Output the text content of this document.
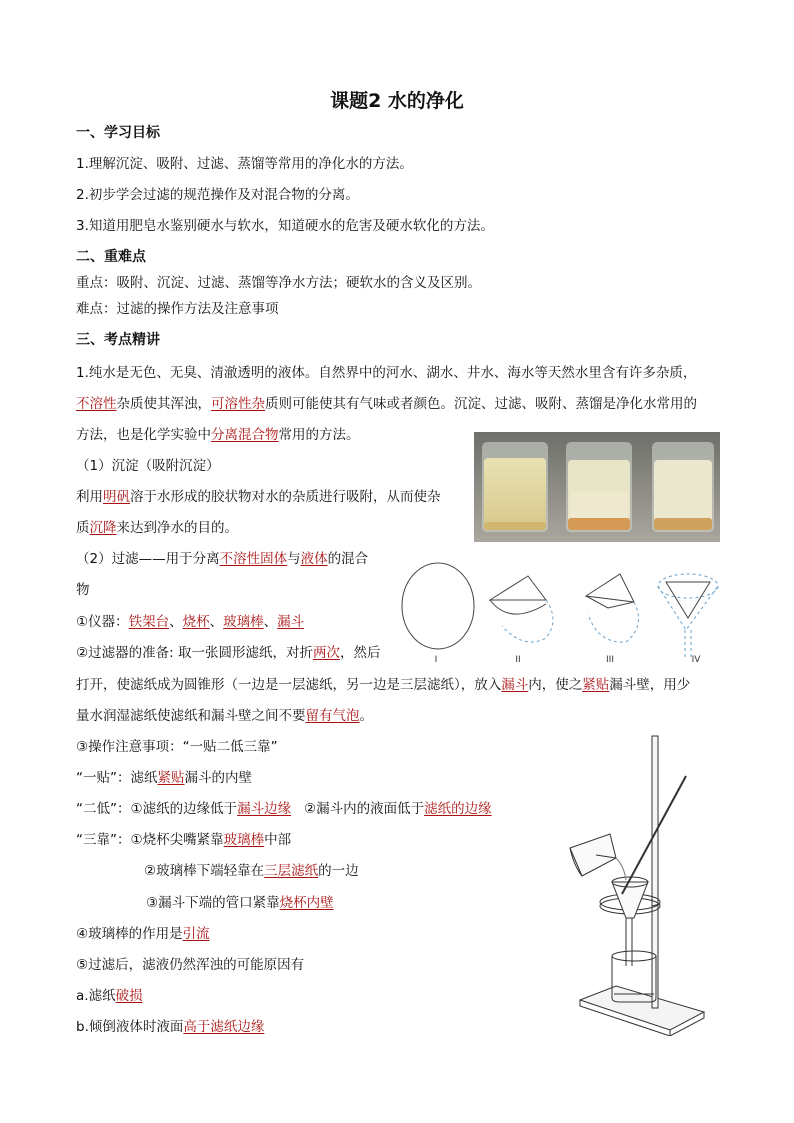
课题2 水的净化
一、学习目标
1.理解沉淀、吸附、过滤、蒸馏等常用的净化水的方法。
2.初步学会过滤的规范操作及对混合物的分离。
3.知道用肥皂水鉴别硬水与软水，知道硬水的危害及硬水软化的方法。
二、重难点
重点：吸附、沉淀、过滤、蒸馏等净水方法；硬软水的含义及区别。
难点：过滤的操作方法及注意事项
三、考点精讲
1.纯水是无色、无臭、清澈透明的液体。自然界中的河水、湖水、井水、海水等天然水里含有许多杂质，
不溶性杂质使其浑浊，可溶性杂质则可能使其有气味或者颜色。沉淀、过滤、吸附、蒸馏是净化水常用的
方法，也是化学实验中分离混合物常用的方法。
（1）沉淀（吸附沉淀）
利用明矾溶于水形成的胶状物对水的杂质进行吸附，从而使杂
质沉降来达到净水的目的。
（2）过滤——用于分离不溶性固体与液体的混合
物
①仪器：铁架台、烧杯、玻璃棒、漏斗
②过滤器的准备: 取一张圆形滤纸，对折两次，然后
打开，使滤纸成为圆锥形（一边是一层滤纸，另一边是三层滤纸），放入漏斗内，使之紧贴漏斗壁，用少
量水润湿滤纸使滤纸和漏斗壁之间不要留有气泡。
③操作注意事项：“一贴二低三靠”
“一贴”：滤纸紧贴漏斗的内壁
“二低”：①滤纸的边缘低于漏斗边缘   ②漏斗内的液面低于滤纸的边缘
“三靠”：①烧杯尖嘴紧靠玻璃棒中部
②玻璃棒下端轻靠在三层滤纸的一边
③漏斗下端的管口紧靠烧杯内壁
④玻璃棒的作用是引流
⑤过滤后，滤液仍然浑浊的可能原因有
a.滤纸破损
b.倾倒液体时液面高于滤纸边缘
I	II	III	IV
